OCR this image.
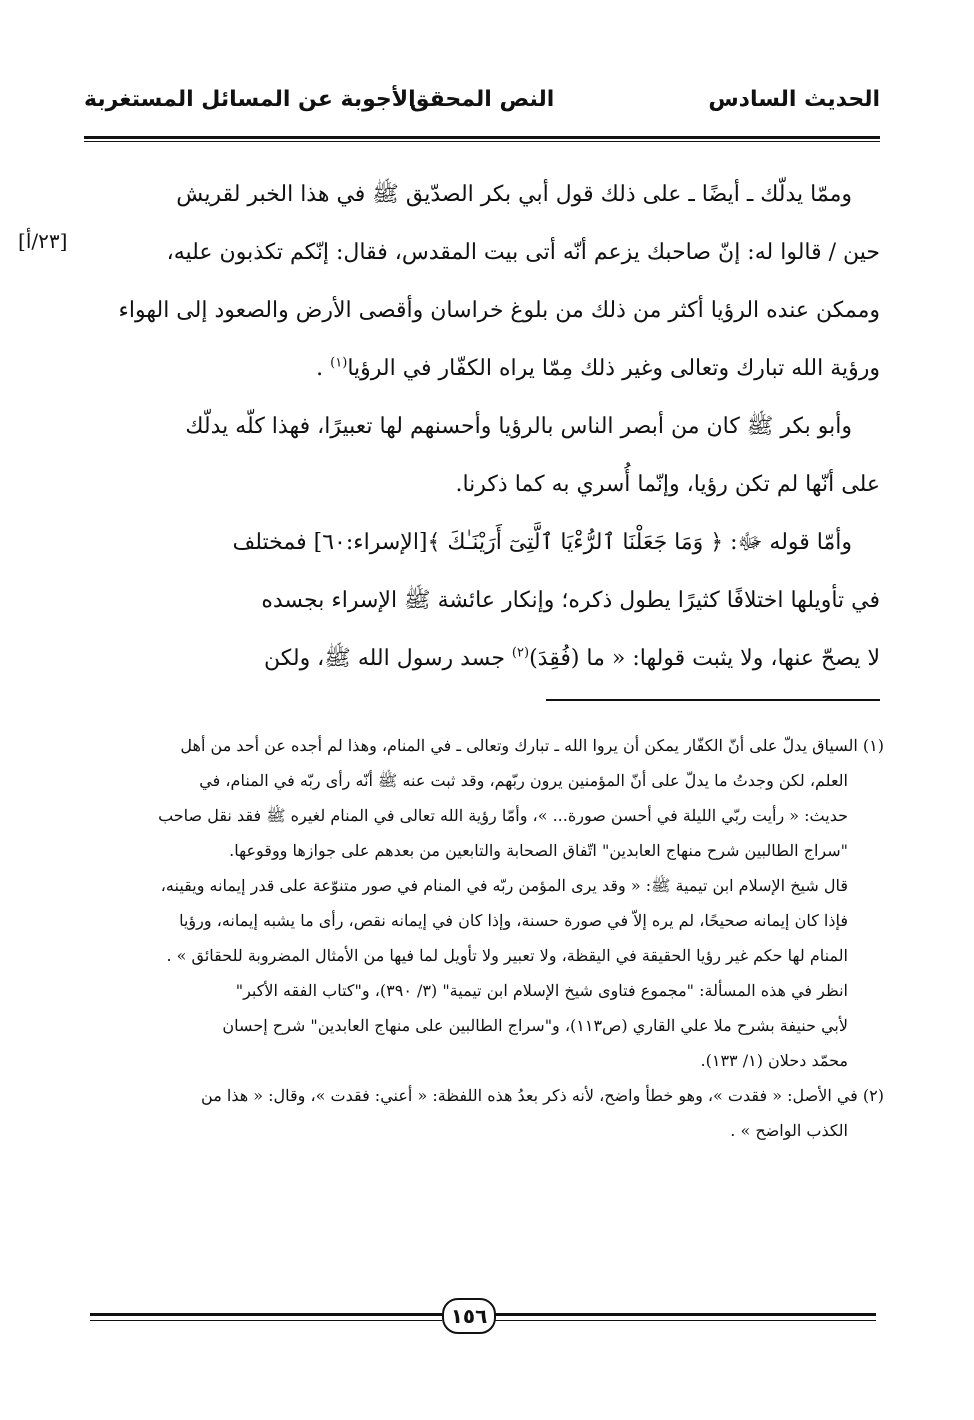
الحديث السادس
النص المحقق
الأجوبة عن المسائل المستغربة
[٢٣/أ]
وممّا يدلّك ـ أيضًا ـ على ذلك قول أبي بكر الصدّيق ﷺ في هذا الخبر لقريش
حين / قالوا له: إنّ صاحبك يزعم أنّه أتى بيت المقدس، فقال: إنّكم تكذبون عليه،
وممكن عنده الرؤيا أكثر من ذلك من بلوغ خراسان وأقصى الأرض والصعود إلى الهواء
ورؤية الله تبارك وتعالى وغير ذلك مِمّا يراه الكفّار في الرؤيا$^{(١)}$ .
وأبو بكر ﷺ كان من أبصر الناس بالرؤيا وأحسنهم لها تعبيرًا، فهذا كلّه يدلّك
على أنّها لم تكن رؤيا، وإنّما أُسري به كما ذكرنا.
وأمّا قوله ﷻ: ﴿ وَمَا جَعَلْنَا ٱلرُّءْيَا ٱلَّتِىٓ أَرَيْنَـٰكَ ﴾[الإسراء:٦٠] فمختلف
في تأويلها اختلافًا كثيرًا يطول ذكره؛ وإنكار عائشة ﷺ الإسراء بجسده
لا يصحّ عنها، ولا يثبت قولها: « ما (فُقِدَ)$^{(٢)}$ جسد رسول الله ﷺ، ولكن
(١) السياق يدلّ على أنّ الكفّار يمكن أن يروا الله ـ تبارك وتعالى ـ في المنام، وهذا لم أجده عن أحد من أهل
العلم، لكن وجدتُ ما يدلّ على أنّ المؤمنين يرون ربّهم، وقد ثبت عنه ﷺ أنّه رأى ربّه في المنام، في
حديث: « رأيت ربّي الليلة في أحسن صورة... »، وأمّا رؤية الله تعالى في المنام لغيره ﷺ فقد نقل صاحب
"سراج الطالبين شرح منهاج العابدين" اتّفاق الصحابة والتابعين من بعدهم على جوازها ووقوعها.
قال شيخ الإسلام ابن تيمية ﷺ: « وقد يرى المؤمن ربّه في المنام في صور متنوّعة على قدر إيمانه ويقينه،
فإذا كان إيمانه صحيحًا، لم يره إلاّ في صورة حسنة، وإذا كان في إيمانه نقص، رأى ما يشبه إيمانه، ورؤيا
المنام لها حكم غير رؤيا الحقيقة في اليقظة، ولا تعبير ولا تأويل لما فيها من الأمثال المضروبة للحقائق » .
انظر في هذه المسألة: "مجموع فتاوى شيخ الإسلام ابن تيمية" (٣/ ٣٩٠)، و"كتاب الفقه الأكبر"
لأبي حنيفة بشرح ملا علي القاري (ص١١٣)، و"سراج الطالبين على منهاج العابدين" شرح إحسان
محمّد دحلان (١/ ١٣٣).
(٢) في الأصل: « فقدت »، وهو خطأ واضح، لأنه ذكر بعدُ هذه اللفظة: « أعني: فقدت »، وقال: « هذا من
الكذب الواضح » .
١٥٦
